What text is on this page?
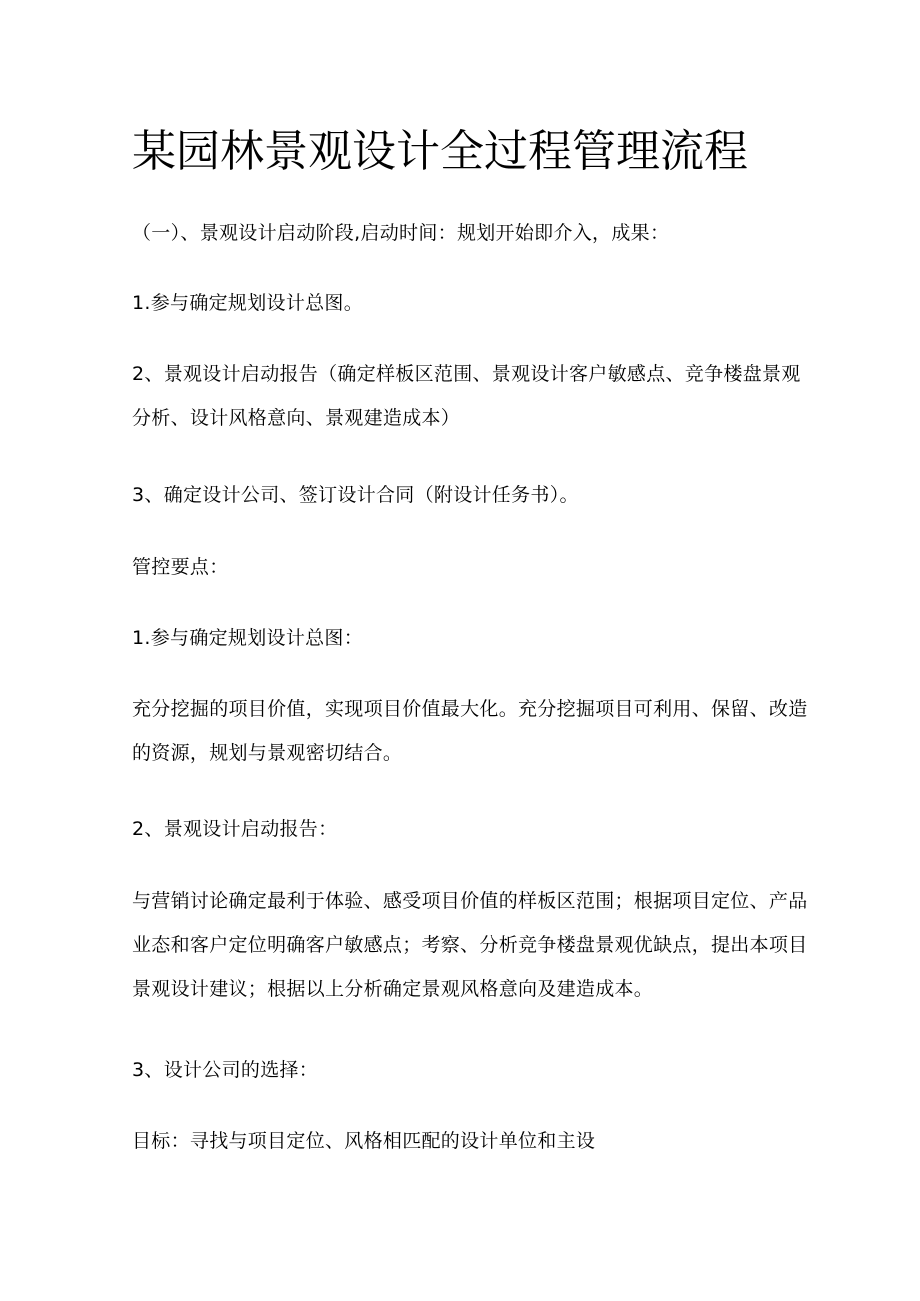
某园林景观设计全过程管理流程
（一）、景观设计启动阶段,启动时间：规划开始即介入，成果：
1.参与确定规划设计总图。
2、景观设计启动报告（确定样板区范围、景观设计客户敏感点、竞争楼盘景观分析、设计风格意向、景观建造成本）
3、确定设计公司、签订设计合同（附设计任务书）。
管控要点：
1.参与确定规划设计总图：
充分挖掘的项目价值，实现项目价值最大化。充分挖掘项目可利用、保留、改造的资源，规划与景观密切结合。
2、景观设计启动报告：
与营销讨论确定最利于体验、感受项目价值的样板区范围；根据项目定位、产品业态和客户定位明确客户敏感点；考察、分析竞争楼盘景观优缺点，提出本项目景观设计建议；根据以上分析确定景观风格意向及建造成本。
3、设计公司的选择：
目标：寻找与项目定位、风格相匹配的设计单位和主设
